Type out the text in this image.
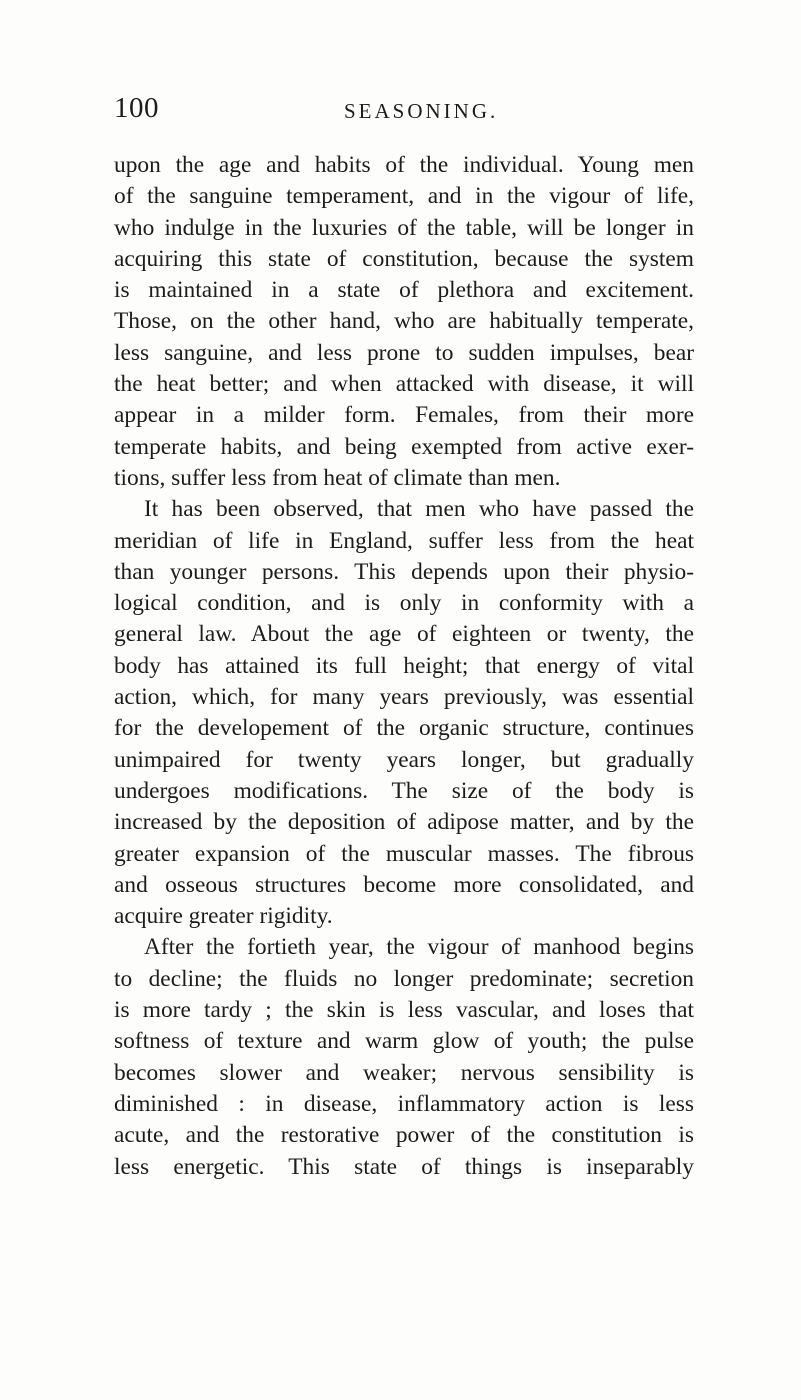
100	SEASONING.
upon the age and habits of the individual. Young men
of the sanguine temperament, and in the vigour of life,
who indulge in the luxuries of the table, will be longer in
acquiring this state of constitution, because the system
is maintained in a state of plethora and excitement.
Those, on the other hand, who are habitually temperate,
less sanguine, and less prone to sudden impulses, bear
the heat better; and when attacked with disease, it will
appear in a milder form. Females, from their more
temperate habits, and being exempted from active exer-
tions, suffer less from heat of climate than men.
It has been observed, that men who have passed the
meridian of life in England, suffer less from the heat
than younger persons. This depends upon their physio-
logical condition, and is only in conformity with a
general law. About the age of eighteen or twenty, the
body has attained its full height; that energy of vital
action, which, for many years previously, was essential
for the developement of the organic structure, continues
unimpaired for twenty years longer, but gradually
undergoes modifications. The size of the body is
increased by the deposition of adipose matter, and by the
greater expansion of the muscular masses. The fibrous
and osseous structures become more consolidated, and
acquire greater rigidity.
After the fortieth year, the vigour of manhood begins
to decline; the fluids no longer predominate; secretion
is more tardy ; the skin is less vascular, and loses that
softness of texture and warm glow of youth; the pulse
becomes slower and weaker; nervous sensibility is
diminished : in disease, inflammatory action is less
acute, and the restorative power of the constitution is
less energetic. This state of things is inseparably
